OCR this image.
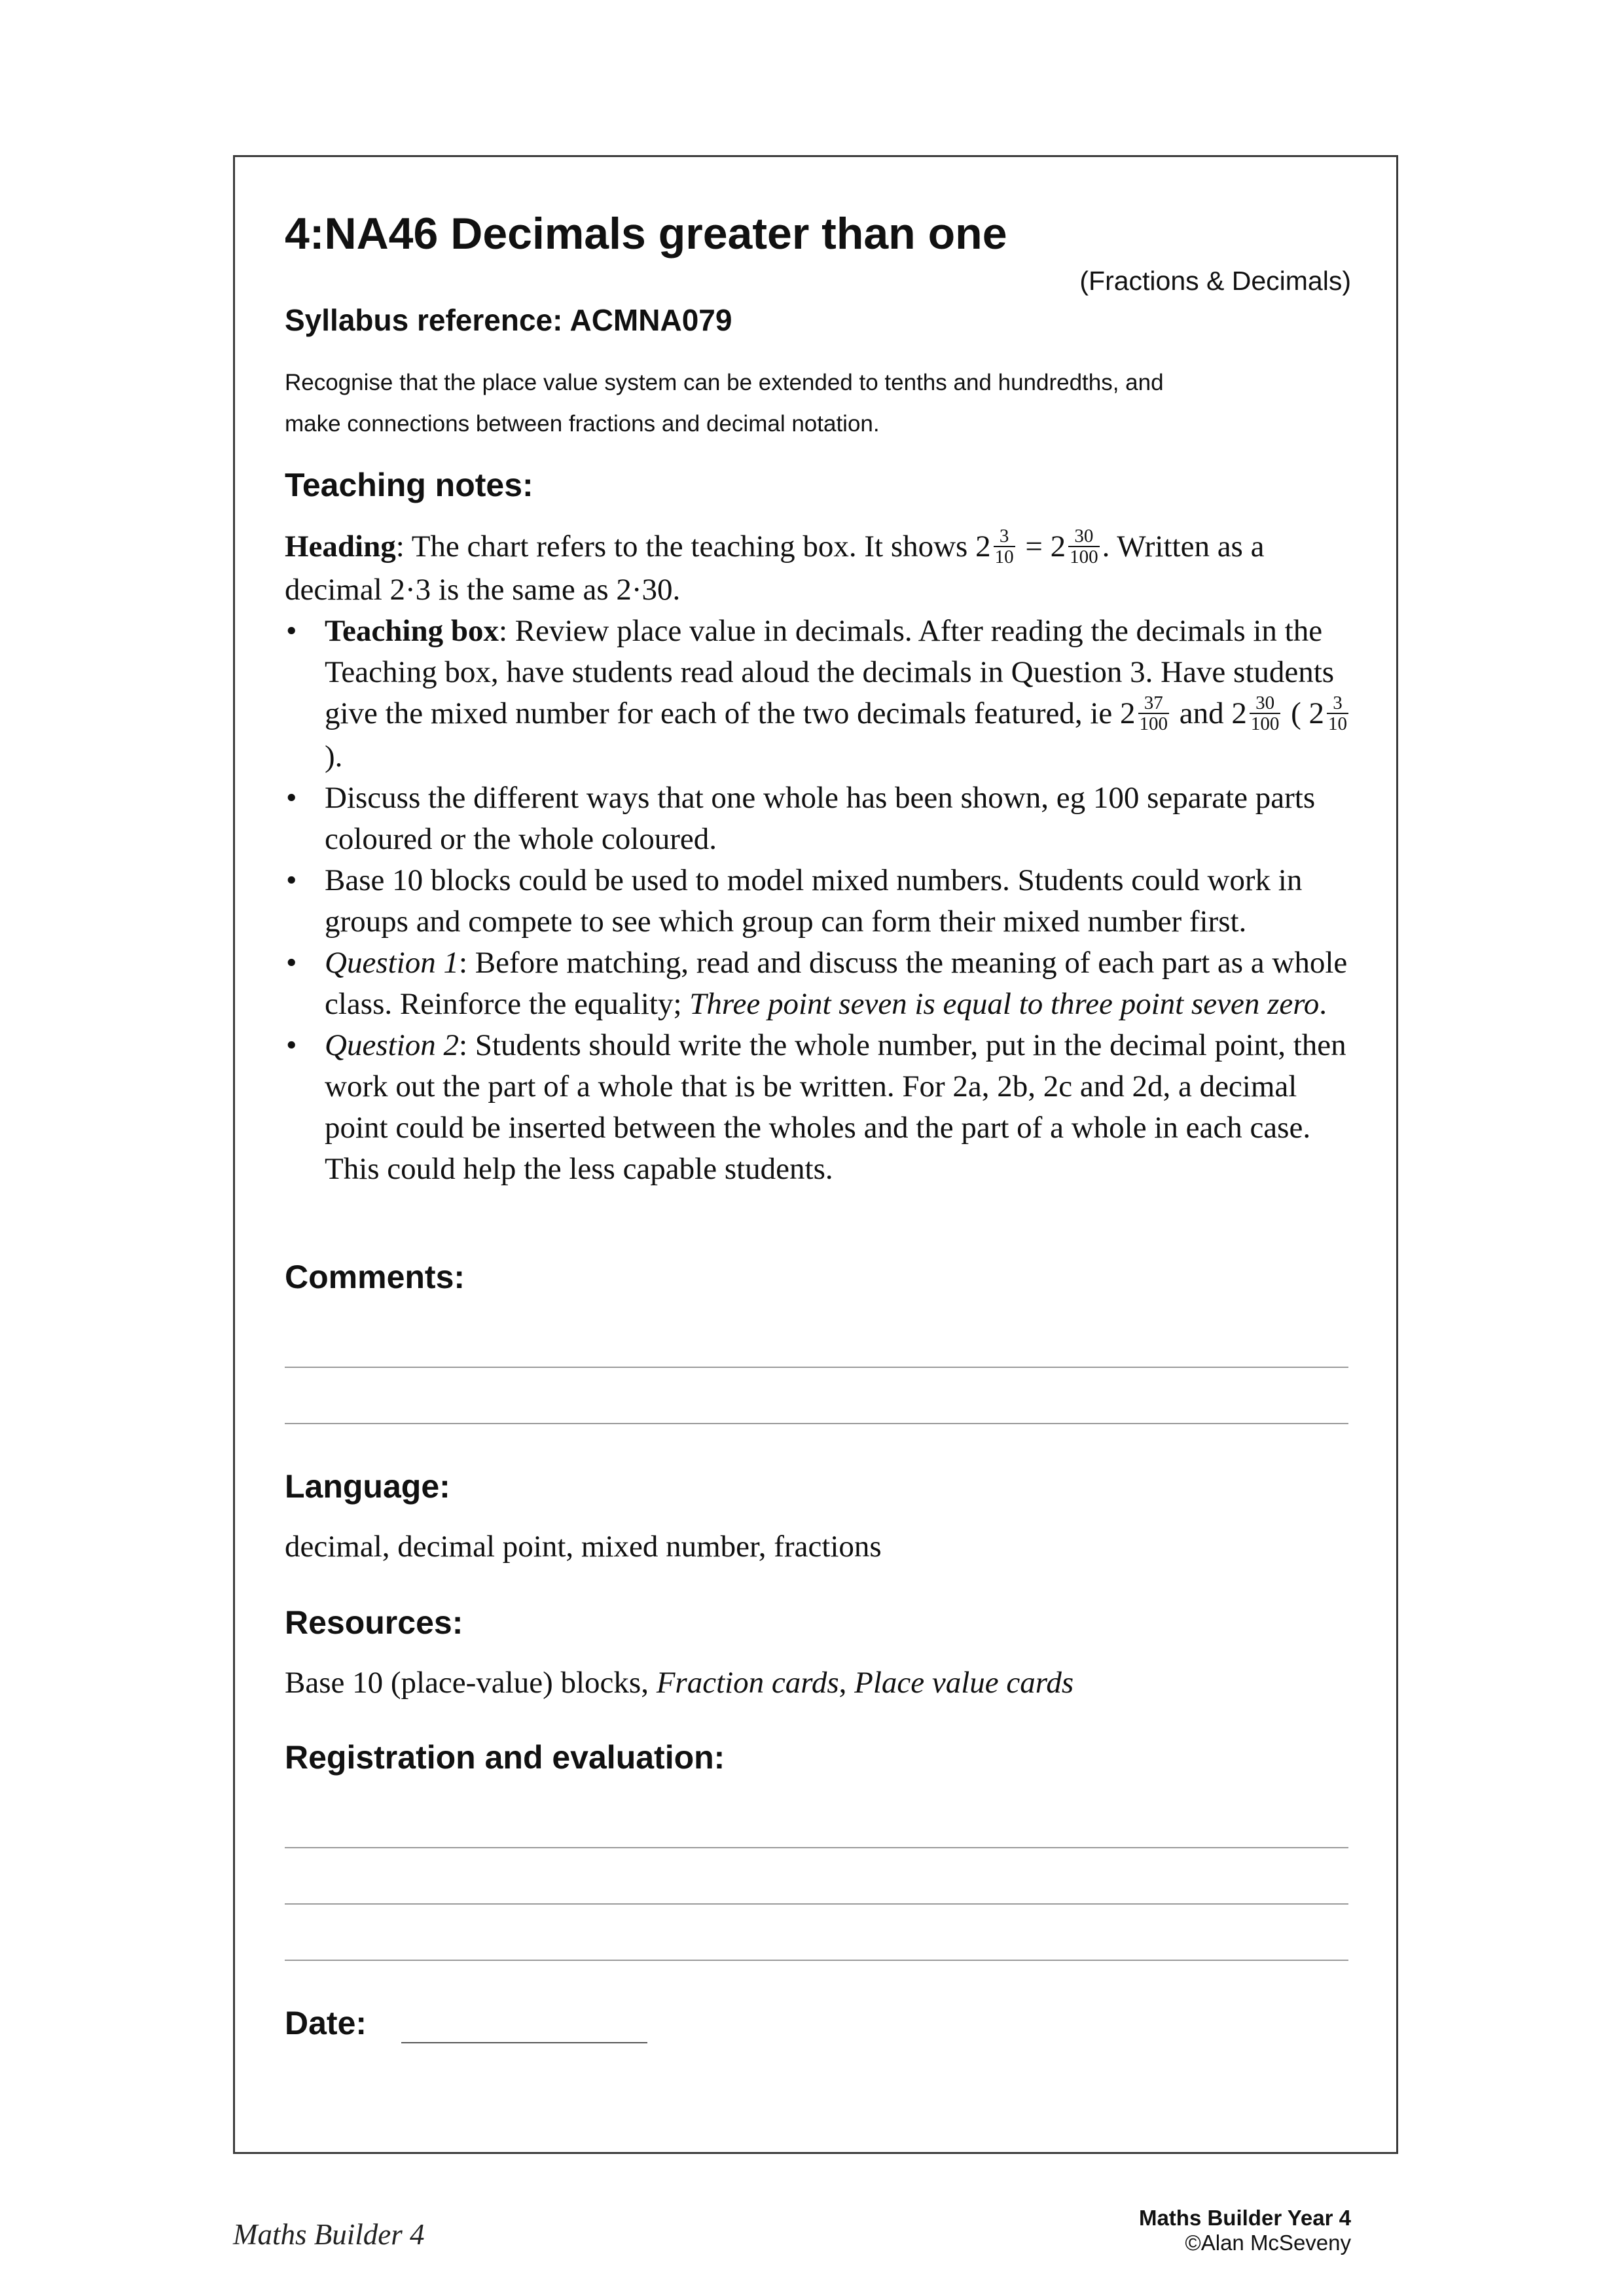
4:NA46 Decimals greater than one
(Fractions & Decimals)
Syllabus reference: ACMNA079
Recognise that the place value system can be extended to tenths and hundredths, and
make connections between fractions and decimal notation.
Teaching notes:

Heading: The chart refers to the teaching box. It shows $2 \frac{3}{10} = 2 \frac{30}{100}$ . Written as a decimal 2·3 is the same as 2·30.

• Teaching box: Review place value in decimals. After reading the decimals in the Teaching box, have students read aloud the decimals in Question 3. Have students give the mixed number for each of the two decimals featured, ie $2 \frac{37}{100}$ and $2 \frac{30}{100}$ ( $2 \frac{3}{10}$
).
• Discuss the different ways that one whole has been shown, eg 100 separate parts coloured or the whole coloured.
• Base 10 blocks could be used to model mixed numbers. Students could work in groups and compete to see which group can form their mixed number first.
• Question 1: Before matching, read and discuss the meaning of each part as a whole class. Reinforce the equality; Three point seven is equal to three point seven zero.
• Question 2: Students should write the whole number, put in the decimal point, then work out the part of a whole that is be written. For 2a, 2b, 2c and 2d, a decimal point could be inserted between the wholes and the part of a whole in each case. This could help the less capable students.
Comments:
Language:
decimal, decimal point, mixed number, fractions
Resources:
Base 10 (place-value) blocks, Fraction cards, Place value cards
Registration and evaluation:
Date:
Maths Builder 4
Maths Builder Year 4
©Alan McSeveny
